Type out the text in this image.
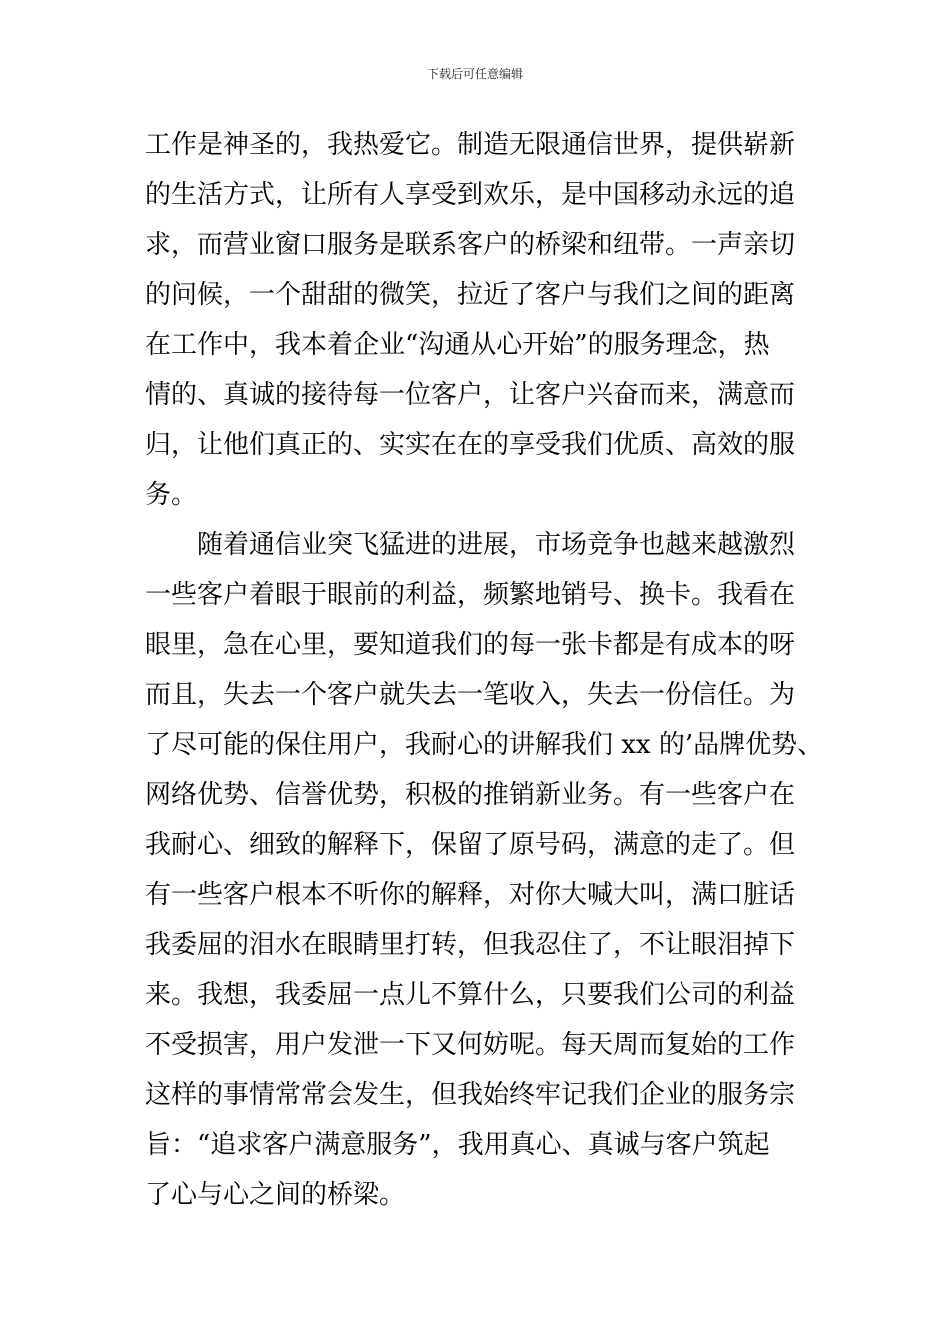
下载后可任意编辑
工作是神圣的，我热爱它。制造无限通信世界，提供崭新
的生活方式，让所有人享受到欢乐，是中国移动永远的追
求，而营业窗口服务是联系客户的桥梁和纽带。一声亲切
的问候，一个甜甜的微笑，拉近了客户与我们之间的距离
在工作中，我本着企业“沟通从心开始”的服务理念，热
情的、真诚的接待每一位客户，让客户兴奋而来，满意而
归，让他们真正的、实实在在的享受我们优质、高效的服
务。
随着通信业突飞猛进的进展，市场竞争也越来越激烈
一些客户着眼于眼前的利益，频繁地销号、换卡。我看在
眼里，急在心里，要知道我们的每一张卡都是有成本的呀
而且，失去一个客户就失去一笔收入，失去一份信任。为
了尽可能的保住用户，我耐心的讲解我们 xx 的’品牌优势、
网络优势、信誉优势，积极的推销新业务。有一些客户在
我耐心、细致的解释下，保留了原号码，满意的走了。但
有一些客户根本不听你的解释，对你大喊大叫，满口脏话
我委屈的泪水在眼睛里打转，但我忍住了，不让眼泪掉下
来。我想，我委屈一点儿不算什么，只要我们公司的利益
不受损害，用户发泄一下又何妨呢。每天周而复始的工作
这样的事情常常会发生，但我始终牢记我们企业的服务宗
旨：“追求客户满意服务”，我用真心、真诚与客户筑起
了心与心之间的桥梁。
